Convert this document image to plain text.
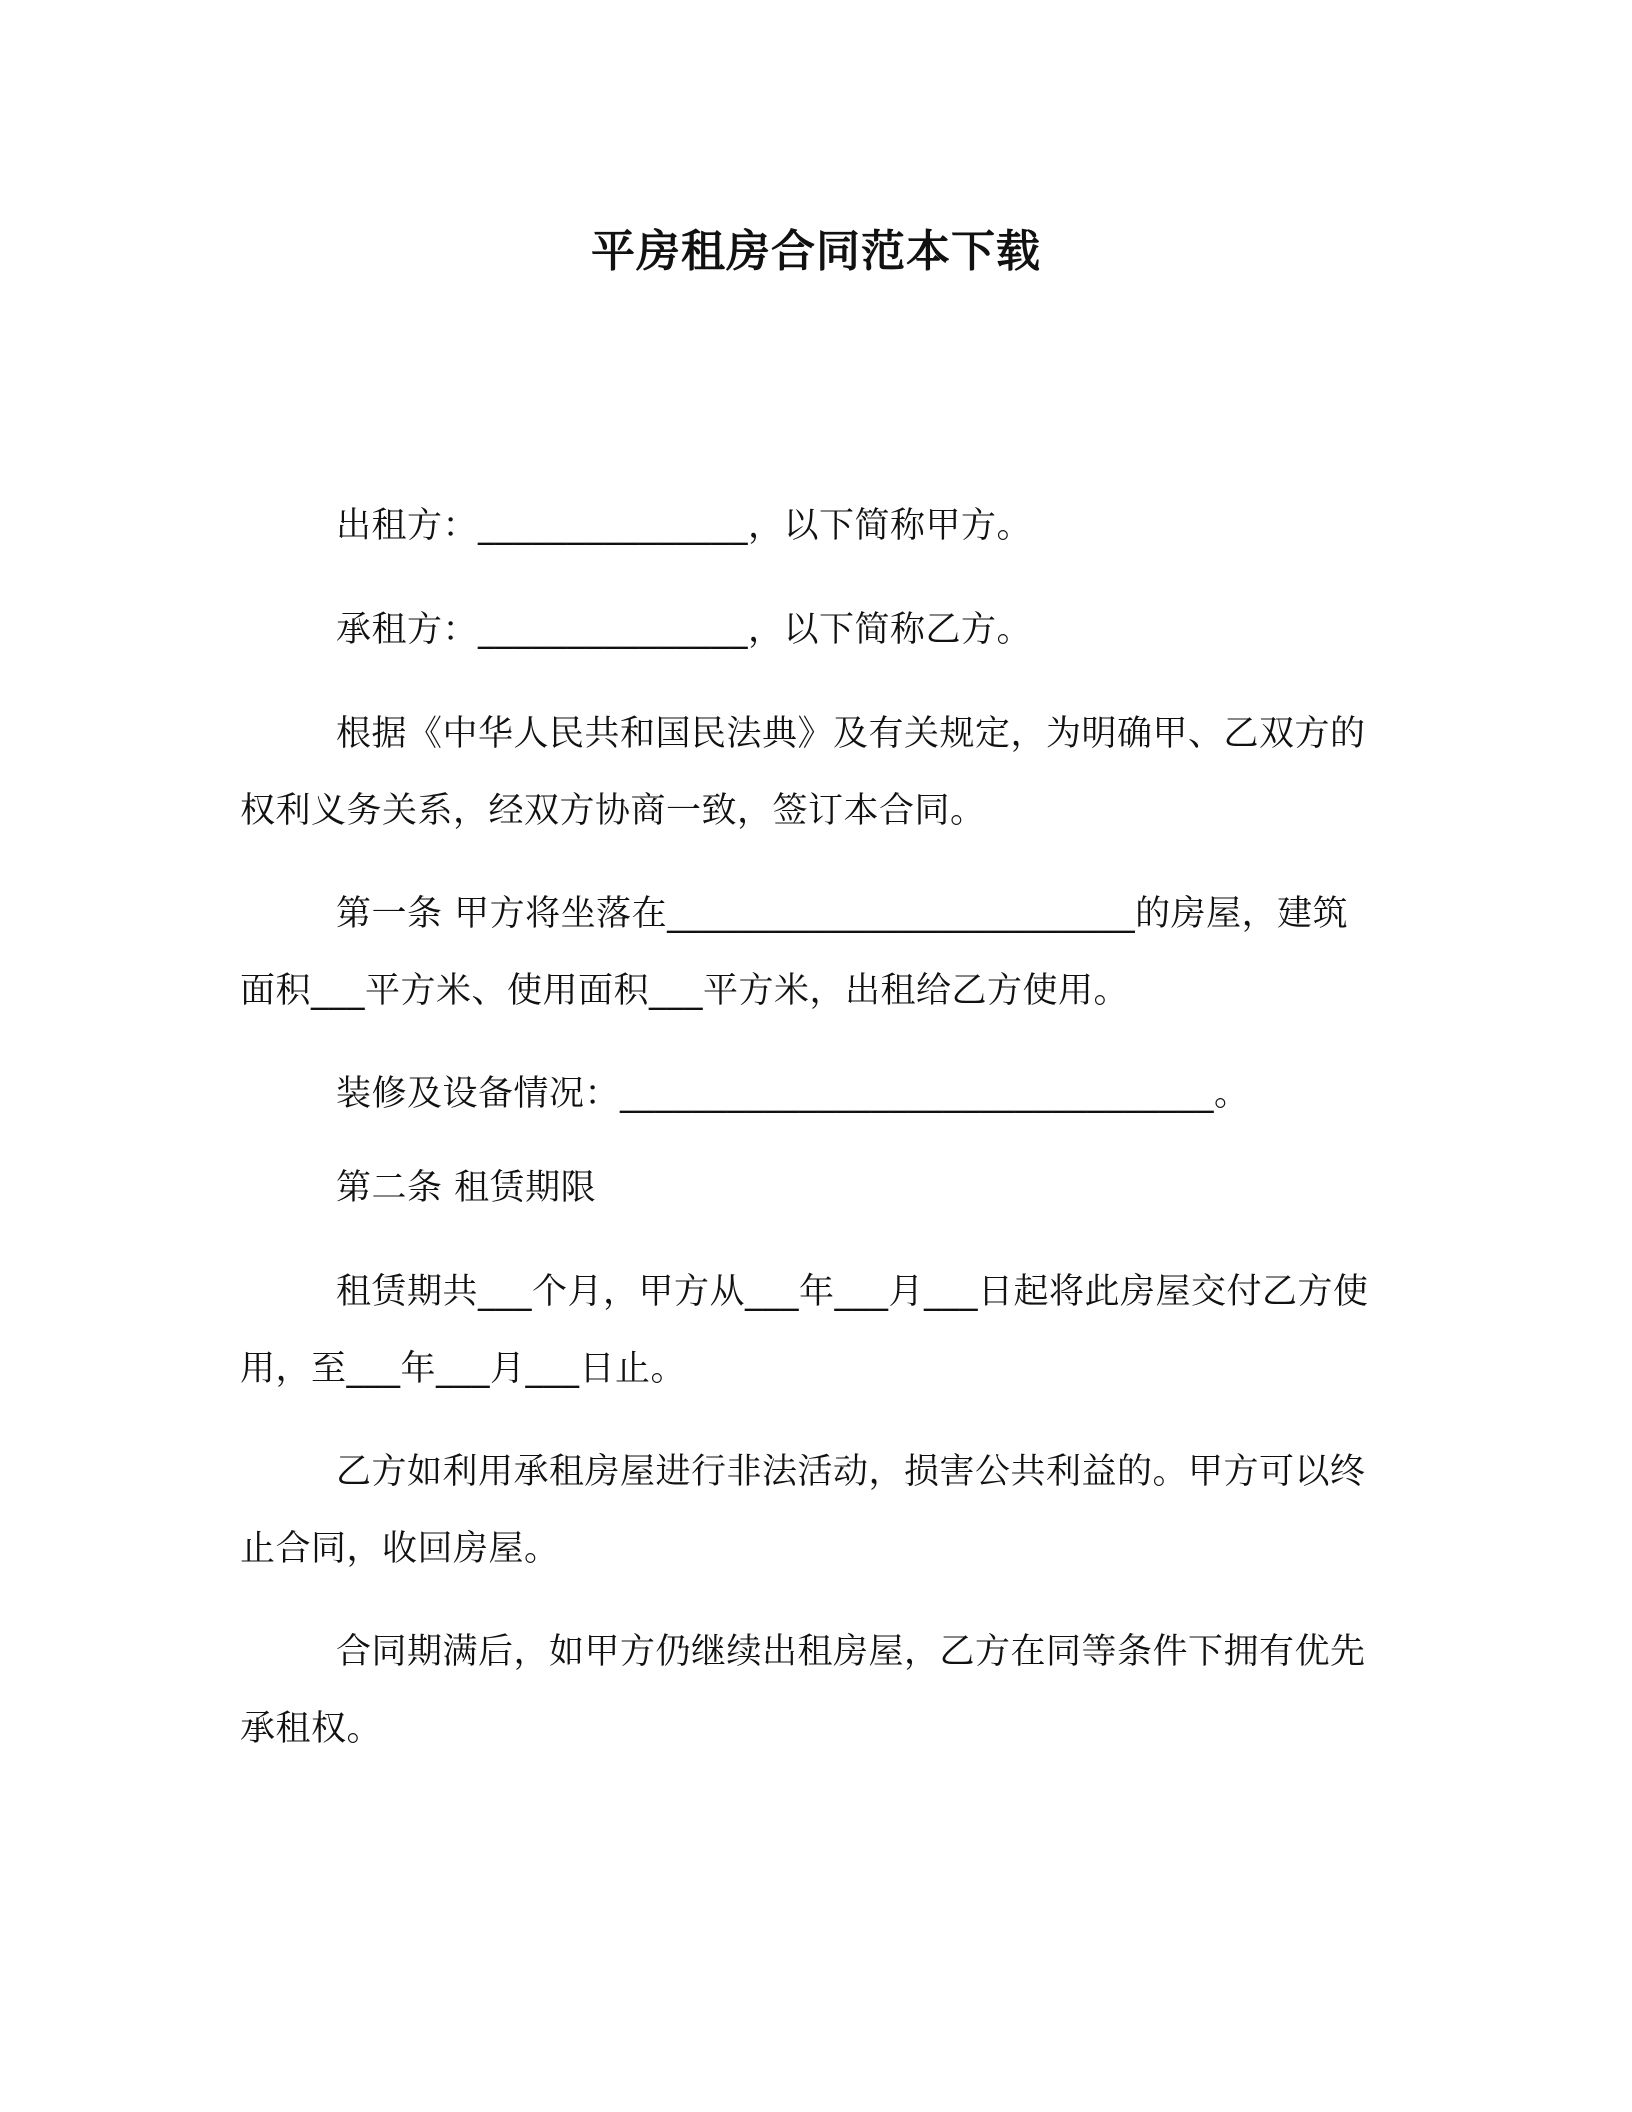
平房租房合同范本下载

出租方：_______________，以下简称甲方。

承租方：_______________，以下简称乙方。

根据《中华人民共和国民法典》及有关规定，为明确甲、乙双方的权利义务关系，经双方协商一致，签订本合同。

第一条 甲方将坐落在__________________________的房屋，建筑面积___平方米、使用面积___平方米，出租给乙方使用。

装修及设备情况：_________________________________。

第二条 租赁期限

租赁期共___个月，甲方从___年___月___日起将此房屋交付乙方使用，至___年___月___日止。

乙方如利用承租房屋进行非法活动，损害公共利益的。甲方可以终止合同，收回房屋。

合同期满后，如甲方仍继续出租房屋，乙方在同等条件下拥有优先承租权。
